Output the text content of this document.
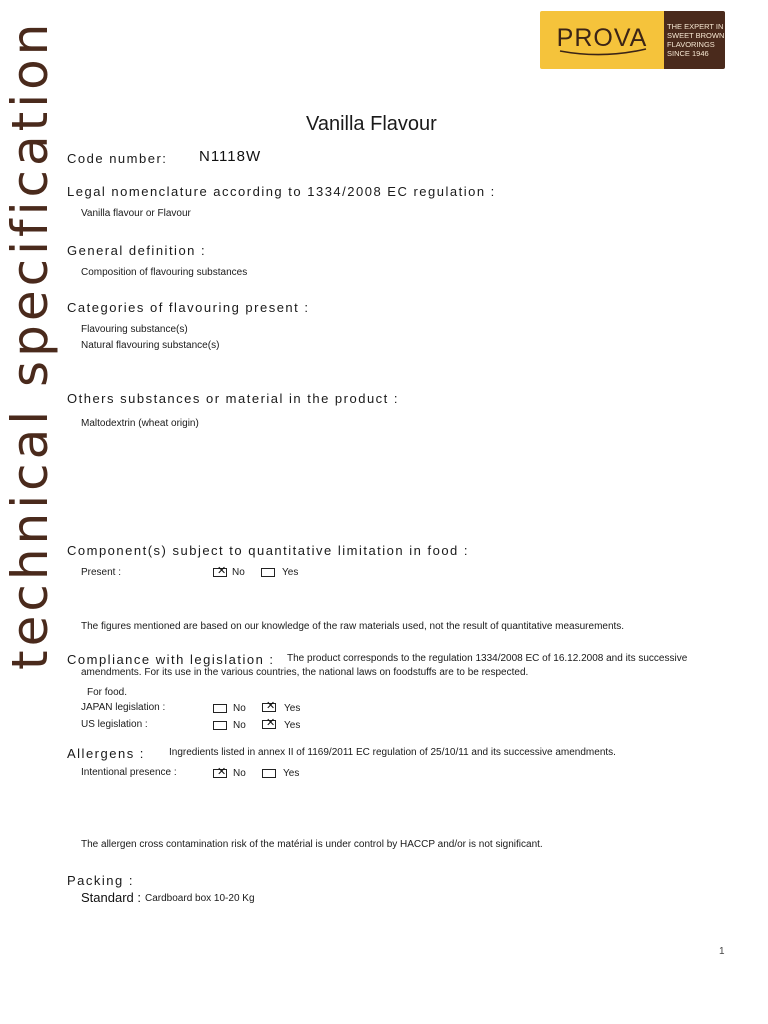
technical specification	PROVA	THE EXPERT IN
SWEET BROWN
FLAVORINGS
SINCE 1946
Vanilla Flavour
Code number: N1118W
Legal nomenclature according to 1334/2008 EC regulation :
Vanilla flavour or Flavour
General definition :
Composition of flavouring substances
Categories of flavouring present :
Flavouring substance(s)
Natural flavouring substance(s)
Others substances or material in the product :
Maltodextrin (wheat origin)
Component(s) subject to quantitative limitation in food :
Present :	✕ No	Yes
The figures mentioned are based on our knowledge of the raw materials used, not the result of quantitative measurements.
Compliance with legislation : The product corresponds to the regulation 1334/2008 EC of 16.12.2008 and its successive
amendments. For its use in the various countries, the national laws on foodstuffs are to be respected.
For food.
JAPAN legislation :	No ✕ Yes
US legislation :	No ✕ Yes
Allergens : Ingredients listed in annex II of 1169/2011 EC regulation of 25/10/11 and its successive amendments.
Intentional presence :	✕ No	Yes
The allergen cross contamination risk of the matérial is under control by HACCP and/or is not significant.
Packing :
Standard : Cardboard box 10-20 Kg
1
